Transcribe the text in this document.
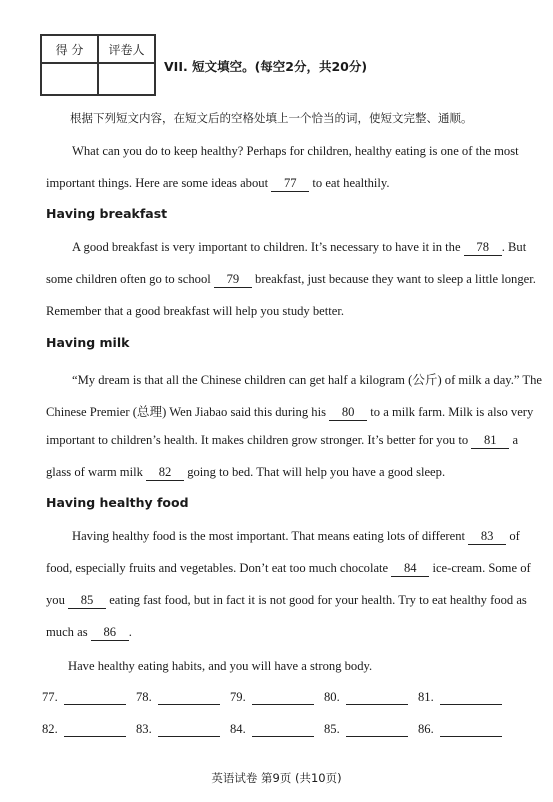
得 分	评卷人
VII. 短文填空。(每空2分，共20分)
根据下列短文内容，在短文后的空格处填上一个恰当的词，使短文完整、通顺。
What can you do to keep healthy? Perhaps for children, healthy eating is one of the most
important things. Here are some ideas about 77 to eat healthily.
Having breakfast
A good breakfast is very important to children. It’s necessary to have it in the 78 . But
some children often go to school 79 breakfast, just because they want to sleep a little longer.
Remember that a good breakfast will help you study better.
Having milk
“My dream is that all the Chinese children can get half a kilogram (公斤) of milk a day.” The
Chinese Premier (总理) Wen Jiabao said this during his 80 to a milk farm. Milk is also very
important to children’s health. It makes children grow stronger. It’s better for you to 81 a
glass of warm milk 82 going to bed. That will help you have a good sleep.
Having healthy food
Having healthy food is the most important. That means eating lots of different 83 of
food, especially fruits and vegetables. Don’t eat too much chocolate 84 ice-cream. Some of
you 85 eating fast food, but in fact it is not good for your health. Try to eat healthy food as
much as 86 .
Have healthy eating habits, and you will have a strong body.
77.	78.	79.	80.	81.
82.	83.	84.	85.	86.
英语试卷 第9页 (共10页)
